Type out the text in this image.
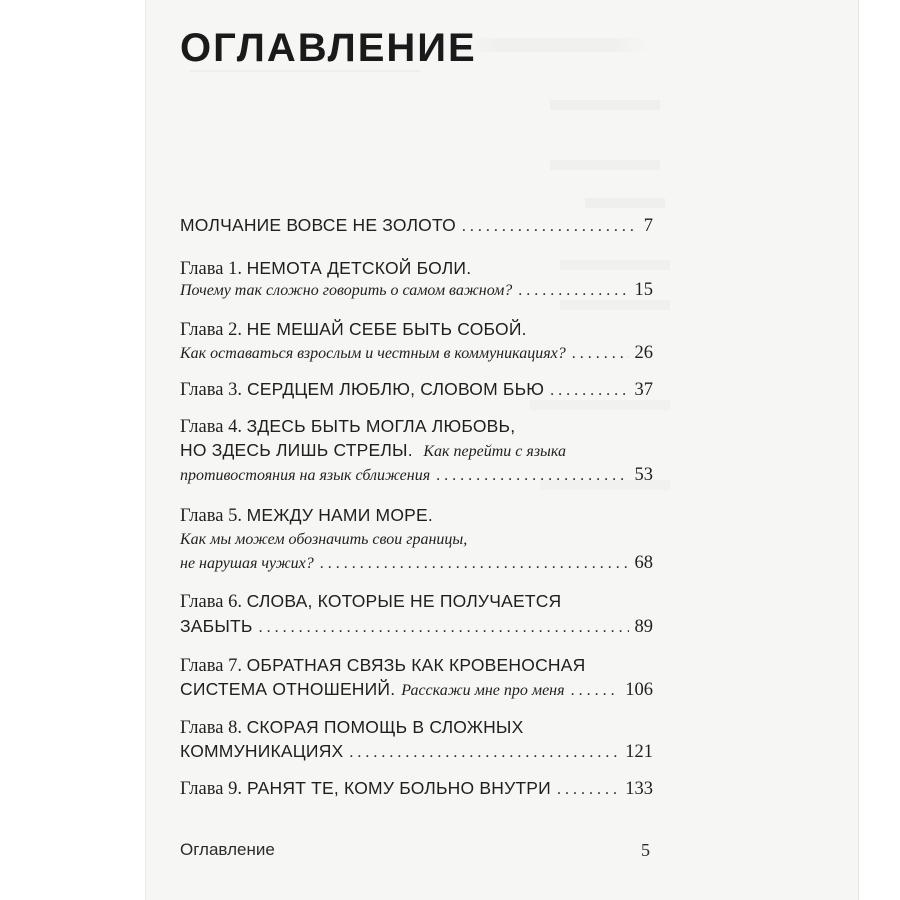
ОГЛАВЛЕНИЕ
МОЛЧАНИЕ ВОВСЕ НЕ ЗОЛОТО . . .	7
Глава 1. НЕМОТА ДЕТСКОЙ БОЛИ.
Почему так сложно говорить о самом важном? . . .	15
Глава 2. НЕ МЕШАЙ СЕБЕ БЫТЬ СОБОЙ.
Как оставаться взрослым и честным в коммуникациях? . . .	26
Глава 3. СЕРДЦЕМ ЛЮБЛЮ, СЛОВОМ БЬЮ . . .	37
Глава 4. ЗДЕСЬ БЫТЬ МОГЛА ЛЮБОВЬ,
НО ЗДЕСЬ ЛИШЬ СТРЕЛЫ. Как перейти с языка
противостояния на язык сближения . . .	53
Глава 5. МЕЖДУ НАМИ МОРЕ.
Как мы можем обозначить свои границы,
не нарушая чужих? . . .	68
Глава 6. СЛОВА, КОТОРЫЕ НЕ ПОЛУЧАЕТСЯ
ЗАБЫТЬ . . .	89
Глава 7. ОБРАТНАЯ СВЯЗЬ КАК КРОВЕНОСНАЯ
СИСТЕМА ОТНОШЕНИЙ. Расскажи мне про меня . . .	106
Глава 8. СКОРАЯ ПОМОЩЬ В СЛОЖНЫХ
КОММУНИКАЦИЯХ . . .	121
Глава 9. РАНЯТ ТЕ, КОМУ БОЛЬНО ВНУТРИ . . .	133
Оглавление	5
